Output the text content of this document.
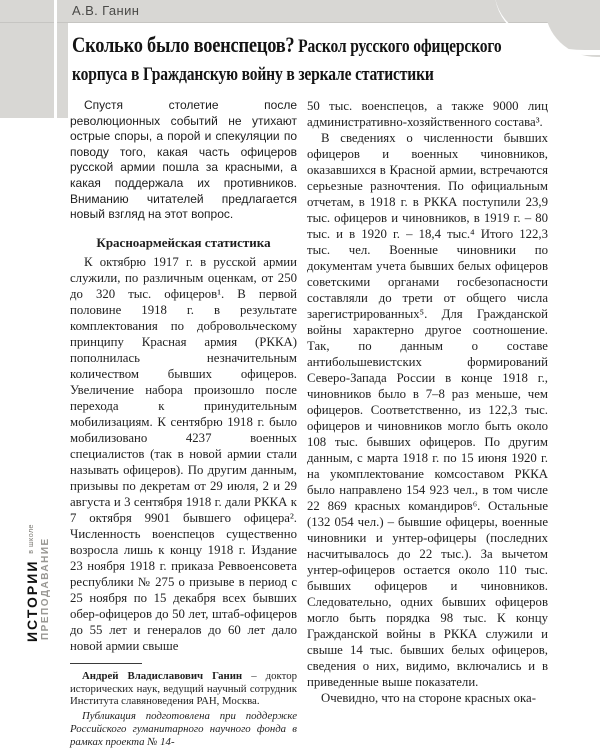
А.В. Ганин
Сколько было военспецов? Раскол русского офицерского
корпуса в Гражданскую войну в зеркале статистики

Спустя столетие после революционных событий не утихают острые споры, а порой и спекуляции по поводу того, какая часть офицеров русской армии пошла за красными, а какая поддержала их противников. Вниманию читателей предлагается новый взгляд на этот вопрос.

Красноармейская статистика

К октябрю 1917 г. в русской армии служили, по различным оценкам, от 250 до 320 тыс. офицеров¹. В первой половине 1918 г. в результате комплектования по добровольческому принципу Красная армия (РККА) пополнилась незначительным количеством бывших офицеров. Увеличение набора произошло после перехода к принудительным мобилизациям. К сентябрю 1918 г. было мобилизовано 4237 военных специалистов (так в новой армии стали называть офицеров). По другим данным, призывы по декретам от 29 июля, 2 и 29 августа и 3 сентября 1918 г. дали РККА к 7 октября 9901 бывшего офицера². Численность военспецов существенно возросла лишь к концу 1918 г. Издание 23 ноября 1918 г. приказа Реввоенсовета республики № 275 о призыве в период с 25 ноября по 15 декабря всех бывших обер-офицеров до 50 лет, штаб-офицеров до 55 лет и генералов до 60 лет дало новой армии свыше

Андрей Владиславович Ганин – доктор исторических наук, ведущий научный сотрудник Института славяноведения РАН, Москва.

Публикация подготовлена при поддержке Российского гуманитарного научного фонда в рамках проекта № 14-

50 тыс. военспецов, а также 9000 лиц административно-хозяйственного состава³.

В сведениях о численности бывших офицеров и военных чиновников, оказавшихся в Красной армии, встречаются серьезные разночтения. По официальным отчетам, в 1918 г. в РККА поступили 23,9 тыс. офицеров и чиновников, в 1919 г. – 80 тыс. и в 1920 г. – 18,4 тыс.⁴ Итого 122,3 тыс. чел. Военные чиновники по документам учета бывших белых офицеров советскими органами госбезопасности составляли до трети от общего числа зарегистрированных⁵. Для Гражданской войны характерно другое соотношение. Так, по данным о составе антибольшевистских формирований Северо-Запада России в конце 1918 г., чиновников было в 7–8 раз меньше, чем офицеров. Соответственно, из 122,3 тыс. офицеров и чиновников могло быть около 108 тыс. бывших офицеров. По другим данным, с марта 1918 г. по 15 июня 1920 г. на укомплектование комсоставом РККА было направлено 154 923 чел., в том числе 22 869 красных командиров⁶. Остальные (132 054 чел.) – бывшие офицеры, военные чиновники и унтер-офицеры (последних насчитывалось до 22 тыс.). За вычетом унтер-офицеров остается около 110 тыс. бывших офицеров и чиновников. Следовательно, одних бывших офицеров могло быть порядка 98 тыс. К концу Гражданской войны в РККА служили и свыше 14 тыс. бывших белых офицеров, сведения о них, видимо, включались и в приведенные выше показатели.

Очевидно, что на стороне красных ока-

ИСТОРИИ в школе ПРЕПОДАВАНИЕ
